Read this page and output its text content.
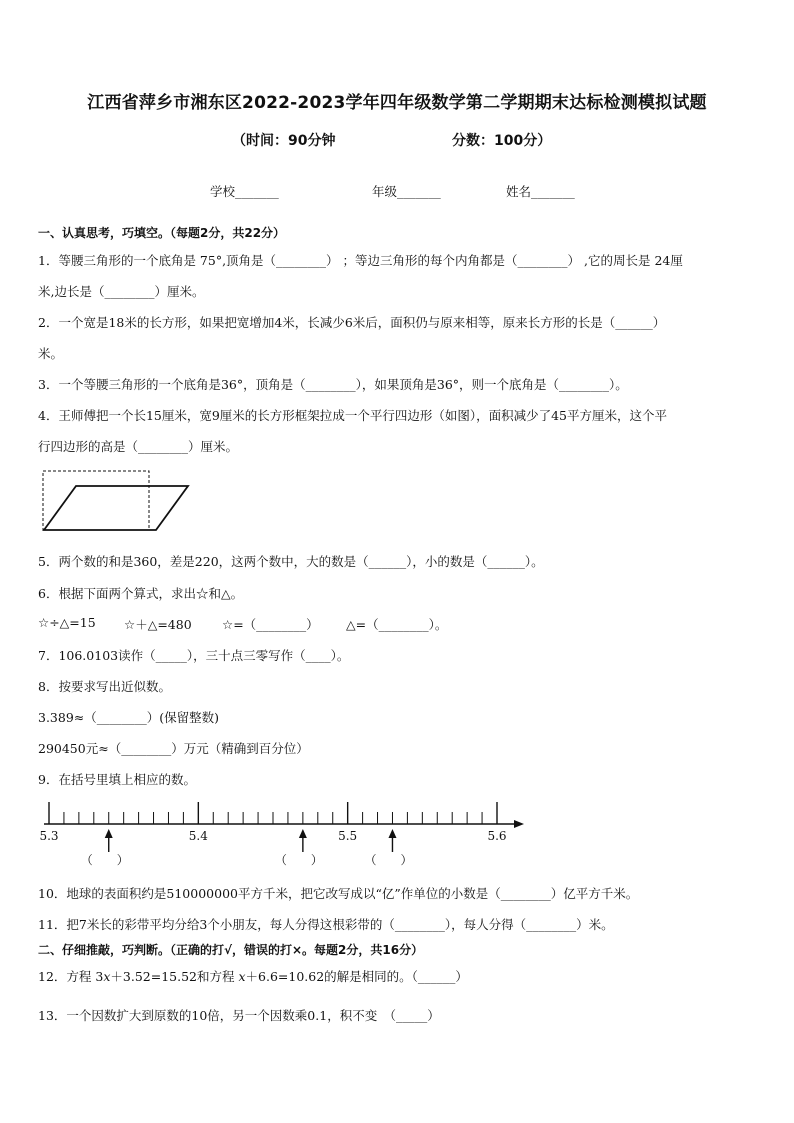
江西省萍乡市湘东区2022-2023学年四年级数学第二学期期末达标检测模拟试题
（时间：90分钟	分数：100分）
学校_______	年级_______	姓名_______
一、认真思考，巧填空。（每题2分，共22分）
1．等腰三角形的一个底角是 75°,顶角是（________） ；等边三角形的每个内角都是（________） ,它的周长是 24厘
米,边长是（________）厘米。
2．一个宽是18米的长方形，如果把宽增加4米，长减少6米后，面积仍与原来相等，原来长方形的长是（______）
米。
3．一个等腰三角形的一个底角是36°，顶角是（________），如果顶角是36°，则一个底角是（________）。
4．王师傅把一个长15厘米，宽9厘米的长方形框架拉成一个平行四边形（如图），面积减少了45平方厘米，这个平
行四边形的高是（________）厘米。
5．两个数的和是360，差是220，这两个数中，大的数是（______），小的数是（______）。
6．根据下面两个算式，求出☆和△。
☆÷△=15 ☆＋△=480 ☆=（________） △=（________）。
7．106.0103读作（_____），三十点三零写作（____）。
8．按要求写出近似数。
3.389≈（________）(保留整数)
290450元≈（________）万元（精确到百分位）
9．在括号里填上相应的数。
5.3	5.4	5.5	5.6
（　　）	（　　）	（　　）
10．地球的表面积约是510000000平方千米，把它改写成以“亿”作单位的小数是（________）亿平方千米。
11．把7米长的彩带平均分给3个小朋友，每人分得这根彩带的（________），每人分得（________）米。
二、仔细推敲，巧判断。（正确的打√，错误的打×。每题2分，共16分）
12．方程 3x＋3.52=15.52和方程 x＋6.6=10.62的解是相同的。（______）
13．一个因数扩大到原数的10倍，另一个因数乘0.1，积不变　（_____）
